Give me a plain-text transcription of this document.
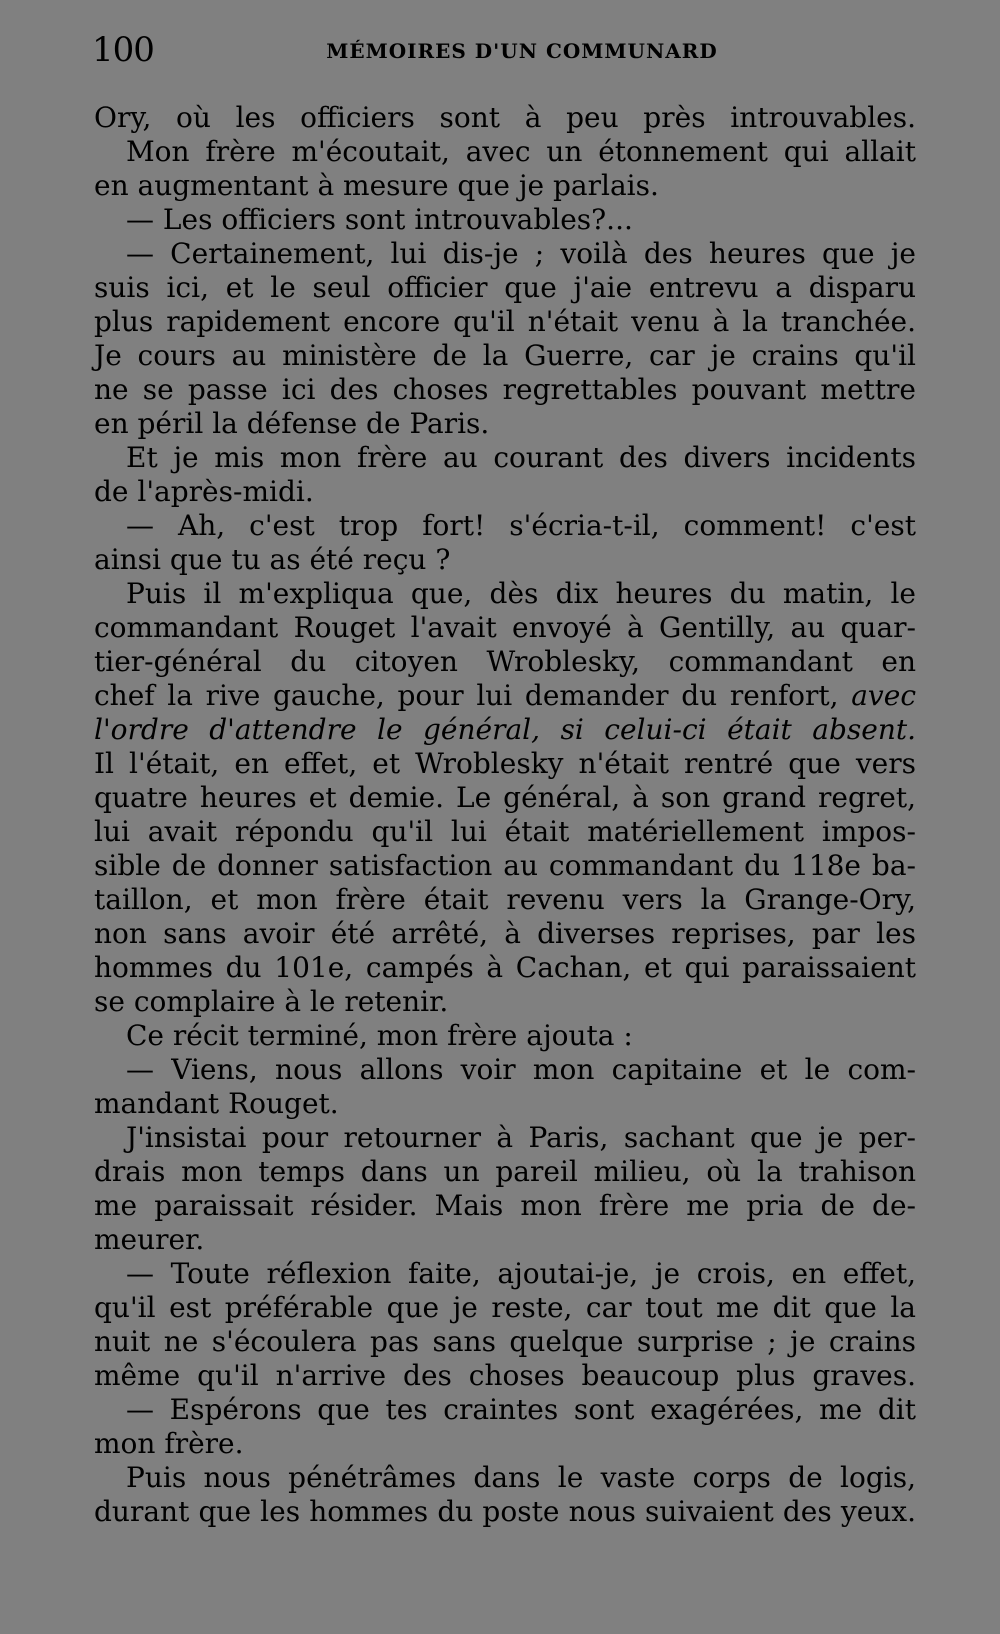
100	MÉMOIRES D'UN COMMUNARD
Ory, où les officiers sont à peu près introuvables.
Mon frère m'écoutait, avec un étonnement qui allait
en augmentant à mesure que je parlais.
— Les officiers sont introuvables?...
— Certainement, lui dis-je ; voilà des heures que je
suis ici, et le seul officier que j'aie entrevu a disparu
plus rapidement encore qu'il n'était venu à la tranchée.
Je cours au ministère de la Guerre, car je crains qu'il
ne se passe ici des choses regrettables pouvant mettre
en péril la défense de Paris.
Et je mis mon frère au courant des divers incidents
de l'après-midi.
— Ah, c'est trop fort! s'écria-t-il, comment! c'est
ainsi que tu as été reçu ?
Puis il m'expliqua que, dès dix heures du matin, le
commandant Rouget l'avait envoyé à Gentilly, au quar-
tier-général du citoyen Wroblesky, commandant en
chef la rive gauche, pour lui demander du renfort, avec
l'ordre d'attendre le général, si celui-ci était absent.
Il l'était, en effet, et Wroblesky n'était rentré que vers
quatre heures et demie. Le général, à son grand regret,
lui avait répondu qu'il lui était matériellement impos-
sible de donner satisfaction au commandant du 118e ba-
taillon, et mon frère était revenu vers la Grange-Ory,
non sans avoir été arrêté, à diverses reprises, par les
hommes du 101e, campés à Cachan, et qui paraissaient
se complaire à le retenir.
Ce récit terminé, mon frère ajouta :
— Viens, nous allons voir mon capitaine et le com-
mandant Rouget.
J'insistai pour retourner à Paris, sachant que je per-
drais mon temps dans un pareil milieu, où la trahison
me paraissait résider. Mais mon frère me pria de de-
meurer.
— Toute réflexion faite, ajoutai-je, je crois, en effet,
qu'il est préférable que je reste, car tout me dit que la
nuit ne s'écoulera pas sans quelque surprise ; je crains
même qu'il n'arrive des choses beaucoup plus graves.
— Espérons que tes craintes sont exagérées, me dit
mon frère.
Puis nous pénétrâmes dans le vaste corps de logis,
durant que les hommes du poste nous suivaient des yeux.
